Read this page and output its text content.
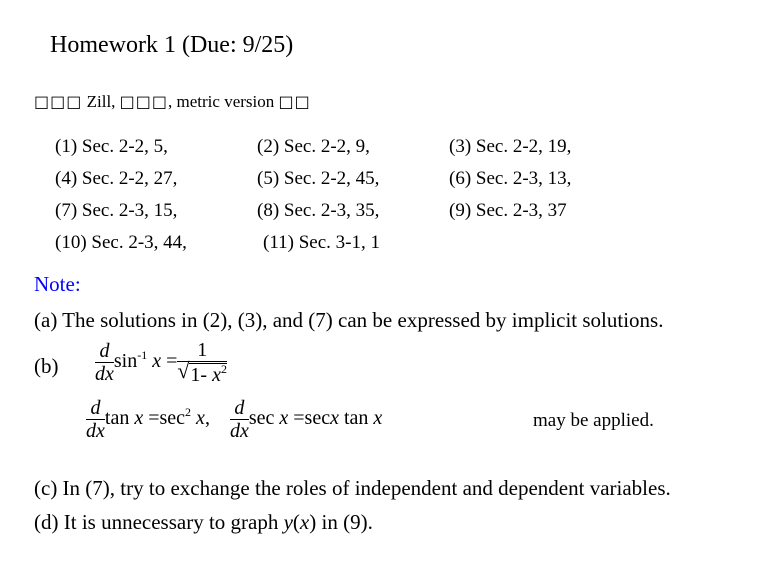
Homework 1 (Due: 9/25)
□□□ Zill, □□□, metric version □□
(1) Sec. 2-2, 5,	(2) Sec. 2-2, 9,	(3) Sec. 2-2, 19,
(4) Sec. 2-2, 27,	(5) Sec. 2-2, 45,	(6) Sec. 2-3, 13,
(7) Sec. 2-3, 15,	(8) Sec. 2-3, 35,	(9) Sec. 2-3, 37
(10) Sec. 2-3, 44,	(11) Sec. 3-1, 1
Note:
(a) The solutions in (2), (3), and (7) can be expressed by implicit solutions.
$(b) \frac{d}{dx} \sin^{-1} x = \frac{1}{√ 1- x^2}$
$\frac{d}{dx}$ $\tan x =\sec^2$ x, $\frac{d}{dx}$ sec x =secx tan x	may be applied.
(c) In (7), try to exchange the roles of independent and dependent variables.
(d) It is unnecessary to graph y(x) in (9).
